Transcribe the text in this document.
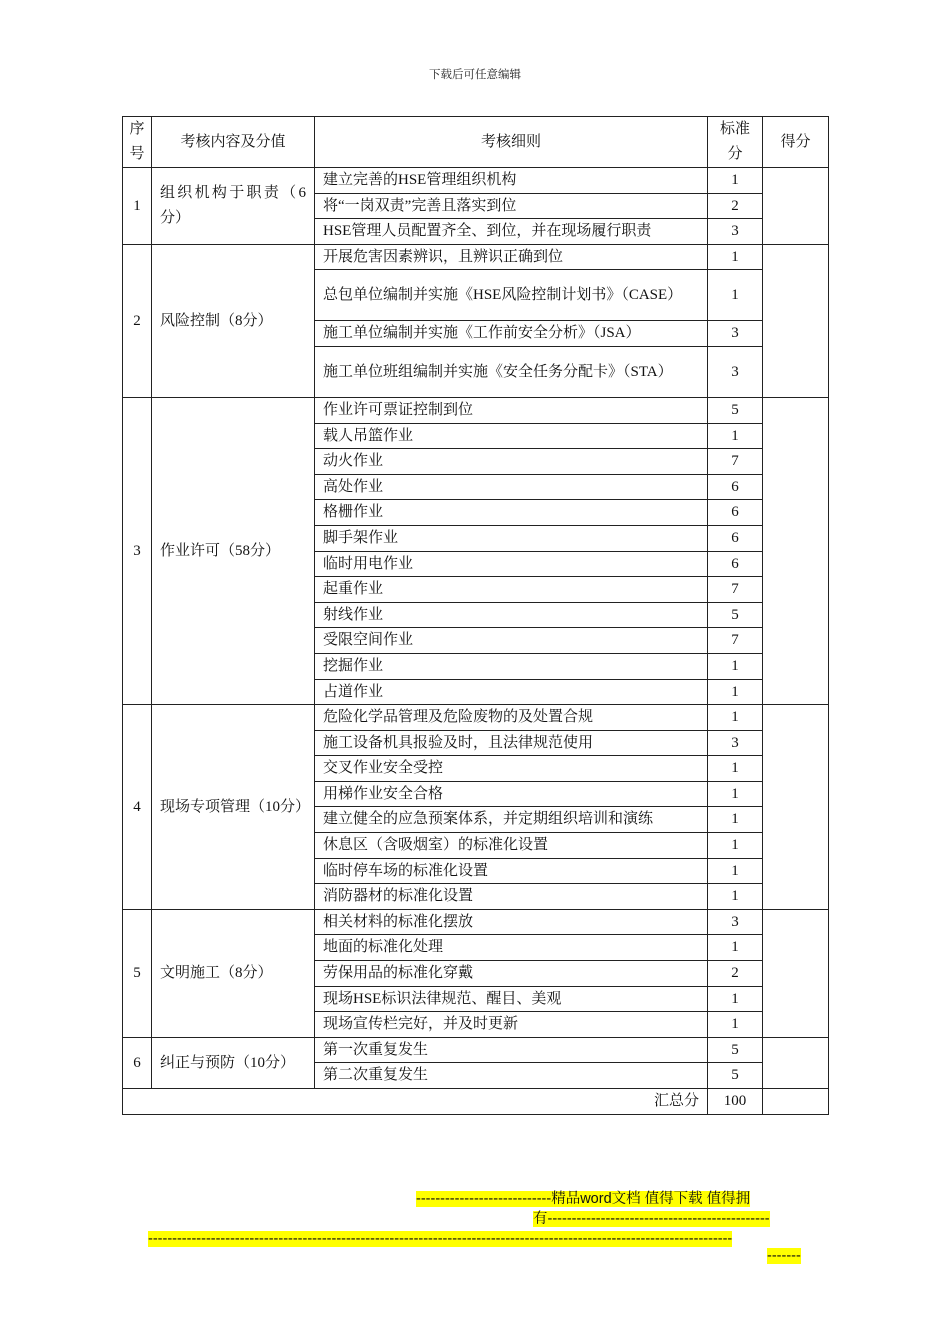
下载后可任意编辑
序号	考核内容及分值	考核细则	标准分	得分
1	组织机构于职责（6分）	建立完善的HSE管理组织机构	1	
		将“一岗双责”完善且落实到位	2	
		HSE管理人员配置齐全、到位，并在现场履行职责	3	
2	风险控制（8分）	开展危害因素辨识，且辨识正确到位	1	
		总包单位编制并实施《HSE风险控制计划书》（CASE）	1	
		施工单位编制并实施《工作前安全分析》（JSA）	3	
		施工单位班组编制并实施《安全任务分配卡》（STA）	3	
3	作业许可（58分）	作业许可票证控制到位	5	
		载人吊篮作业	1	
		动火作业	7	
		高处作业	6	
		格栅作业	6	
		脚手架作业	6	
		临时用电作业	6	
		起重作业	7	
		射线作业	5	
		受限空间作业	7	
		挖掘作业	1	
		占道作业	1	
4	现场专项管理（10分）	危险化学品管理及危险废物的及处置合规	1	
		施工设备机具报验及时，且法律规范使用	3	
		交叉作业安全受控	1	
		用梯作业安全合格	1	
		建立健全的应急预案体系，并定期组织培训和演练	1	
		休息区（含吸烟室）的标准化设置	1	
		临时停车场的标准化设置	1	
		消防器材的标准化设置	1	
5	文明施工（8分）	相关材料的标准化摆放	3	
		地面的标准化处理	1	
		劳保用品的标准化穿戴	2	
		现场HSE标识法律规范、醒目、美观	1	
		现场宣传栏完好，并及时更新	1	
6	纠正与预防（10分）	第一次重复发生	5	
		第二次重复发生	5	
汇总分			100	
----------------------------精品word文档 值得下载 值得拥
有----------------------------------------------
-------------------------------------------------------------------------------------------------------------------------
-------
